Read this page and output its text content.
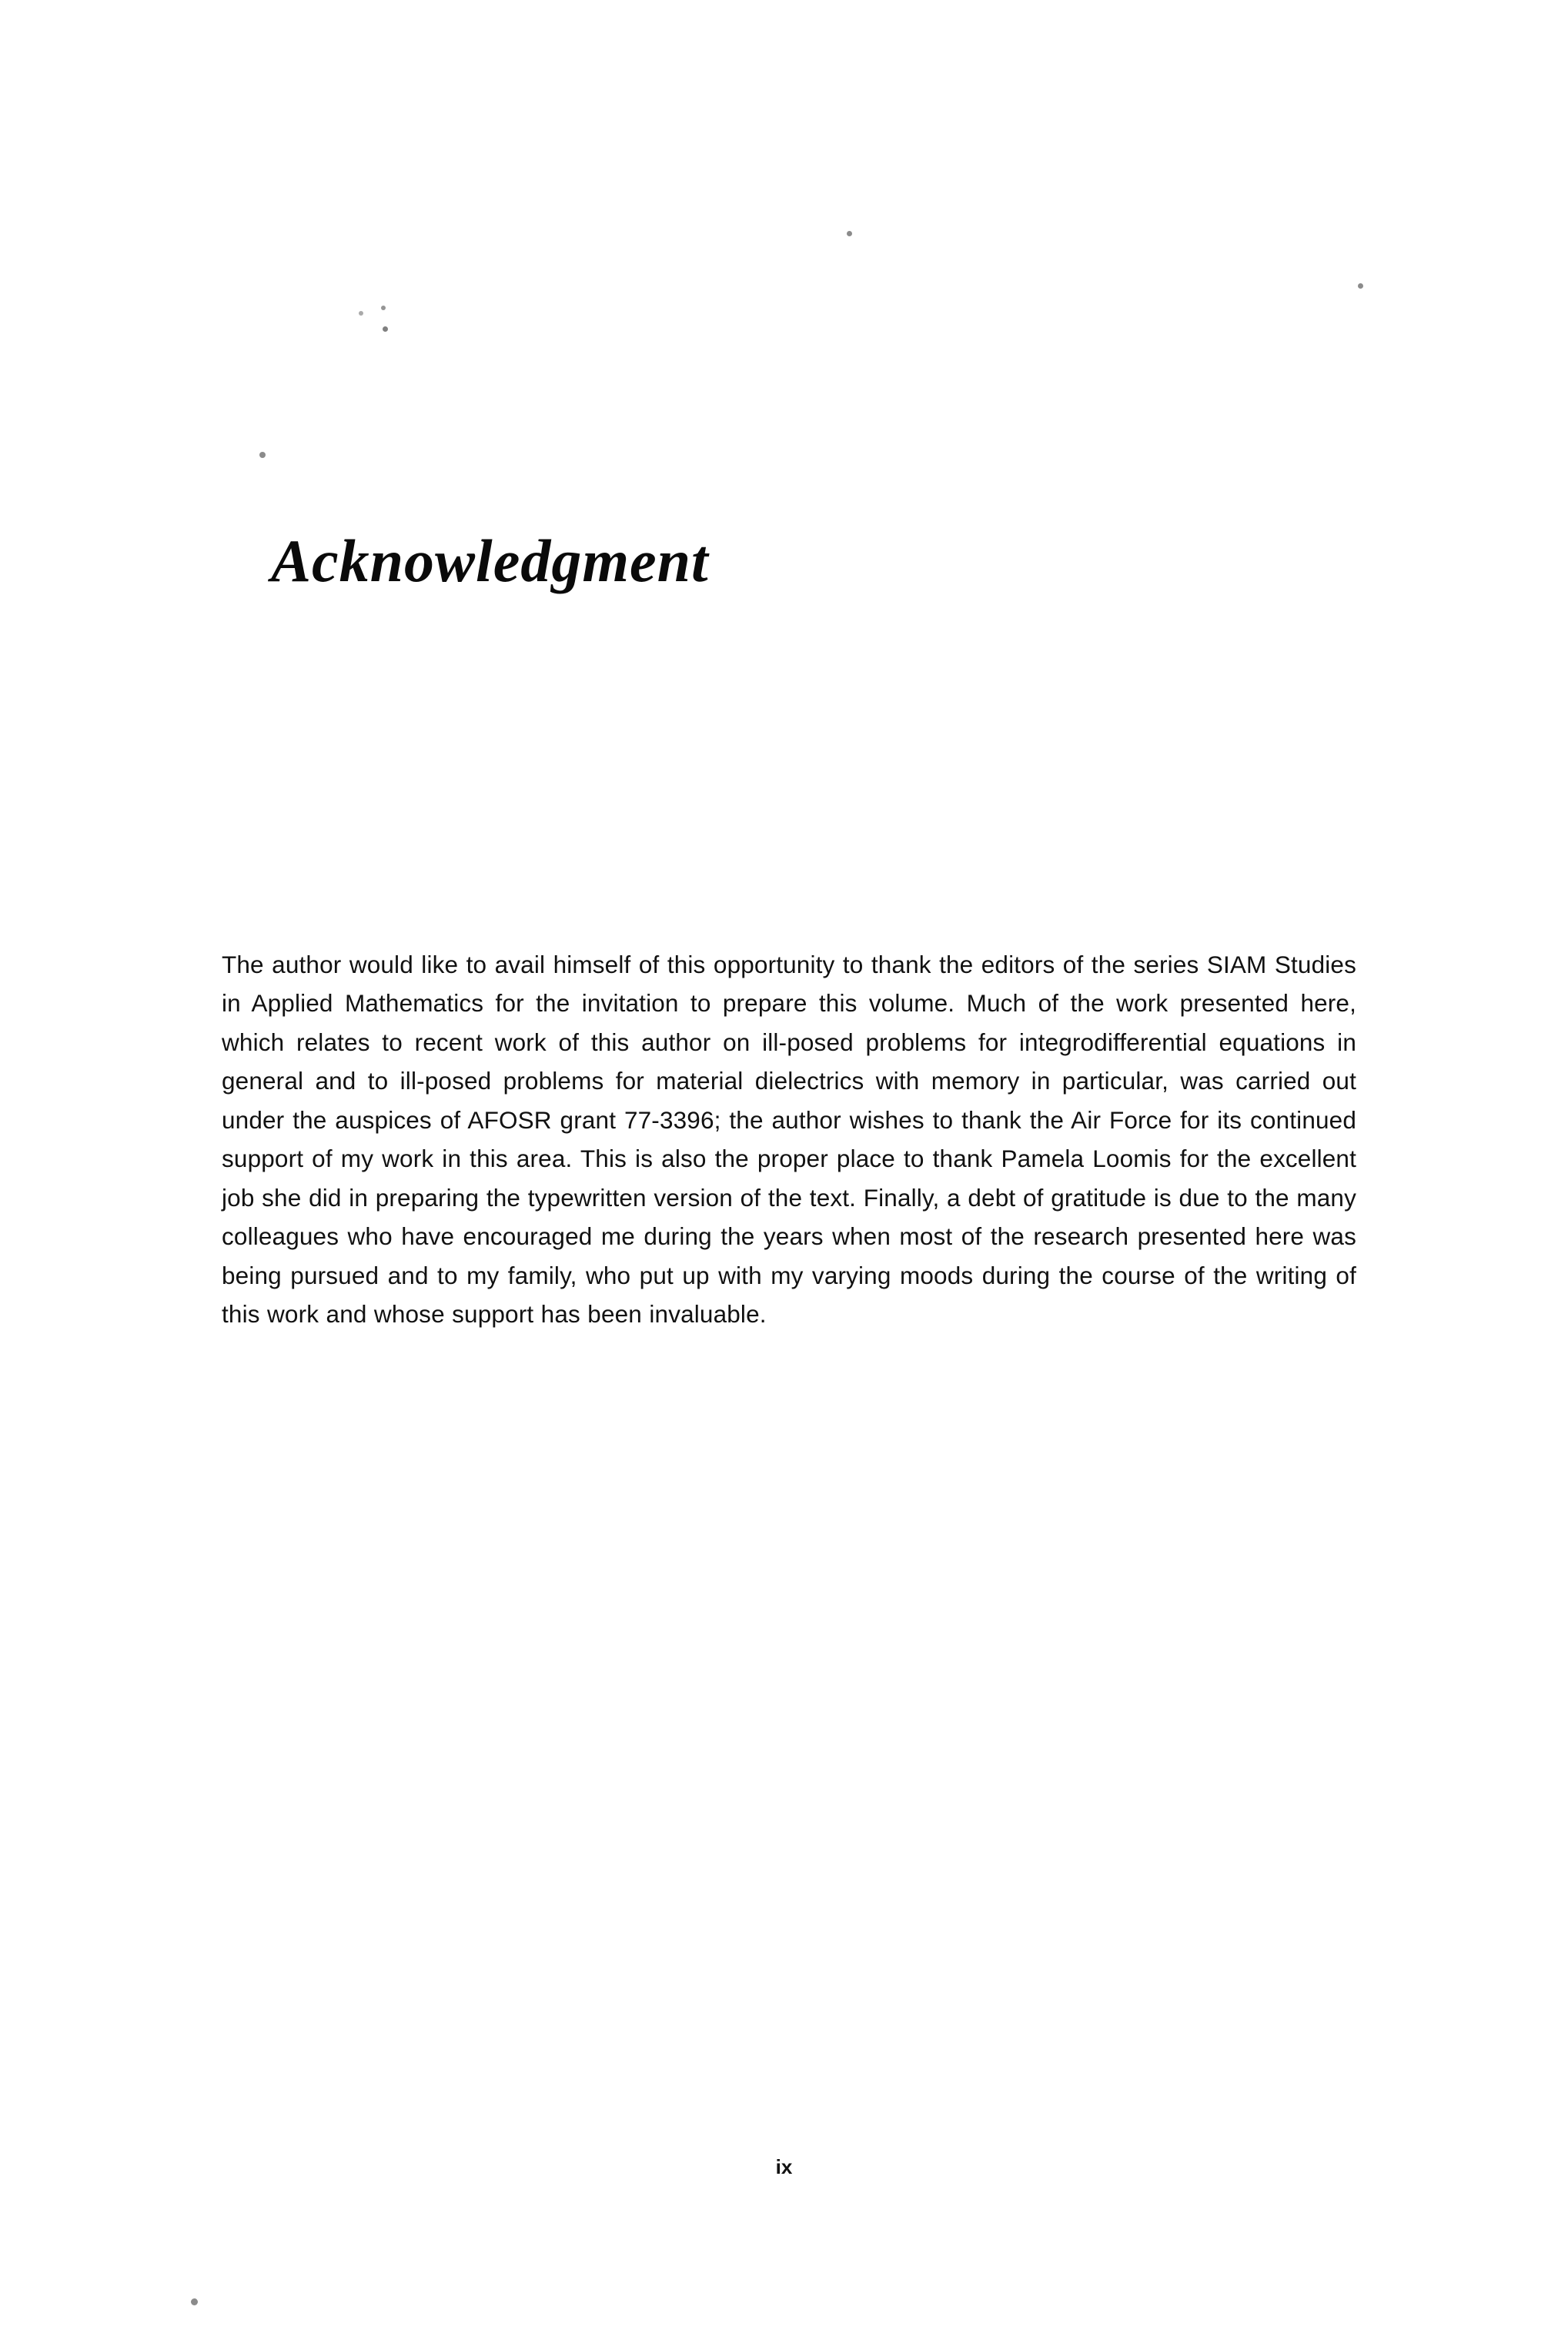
Acknowledgment

The author would like to avail himself of this opportunity to thank the editors of the series SIAM Studies in Applied Mathematics for the invitation to prepare this volume. Much of the work presented here, which relates to recent work of this author on ill-posed problems for integrodifferential equations in general and to ill-posed problems for material dielectrics with memory in particular, was carried out under the auspices of AFOSR grant 77-3396; the author wishes to thank the Air Force for its continued support of my work in this area. This is also the proper place to thank Pamela Loomis for the excellent job she did in preparing the typewritten version of the text. Finally, a debt of gratitude is due to the many colleagues who have encouraged me during the years when most of the research presented here was being pursued and to my family, who put up with my varying moods during the course of the writing of this work and whose support has been invaluable.

ix
